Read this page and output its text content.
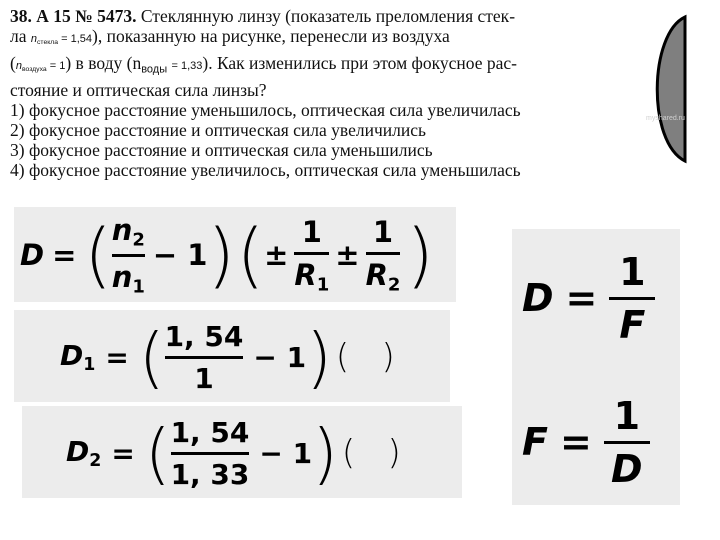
38. А 15 № 5473. Стеклянную линзу (показатель преломления стек-

ла $n_{стекла} = 1,54$), показанную на рисунке, перенесли из воздуха

$(n_{воздуха} = 1)$ в воду $(n_{воды} = 1,33)$. Как изменились при этом фокусное рас-

стояние и оптическая сила линзы?

1) фокусное расстояние уменьшилось, оптическая сила увеличилась

2) фокусное расстояние и оптическая сила увеличились

3) фокусное расстояние и оптическая сила уменьшились

4) фокусное расстояние увеличилось, оптическая сила уменьшилась

myshared.ru
D = ( $\frac{n_2}{n_1} - 1$ ) ( ± $\frac{1}{R_1} \pm \frac{1}{R_2}$ )
$D_1$ = ( $\frac{1, 54}{1} - 1$ ) (   )
$D_2$ = ( $\frac{1, 54}{1, 33} - 1$ ) (   )
$D = \frac{1}{F}$
$F = \frac{1}{D}$
